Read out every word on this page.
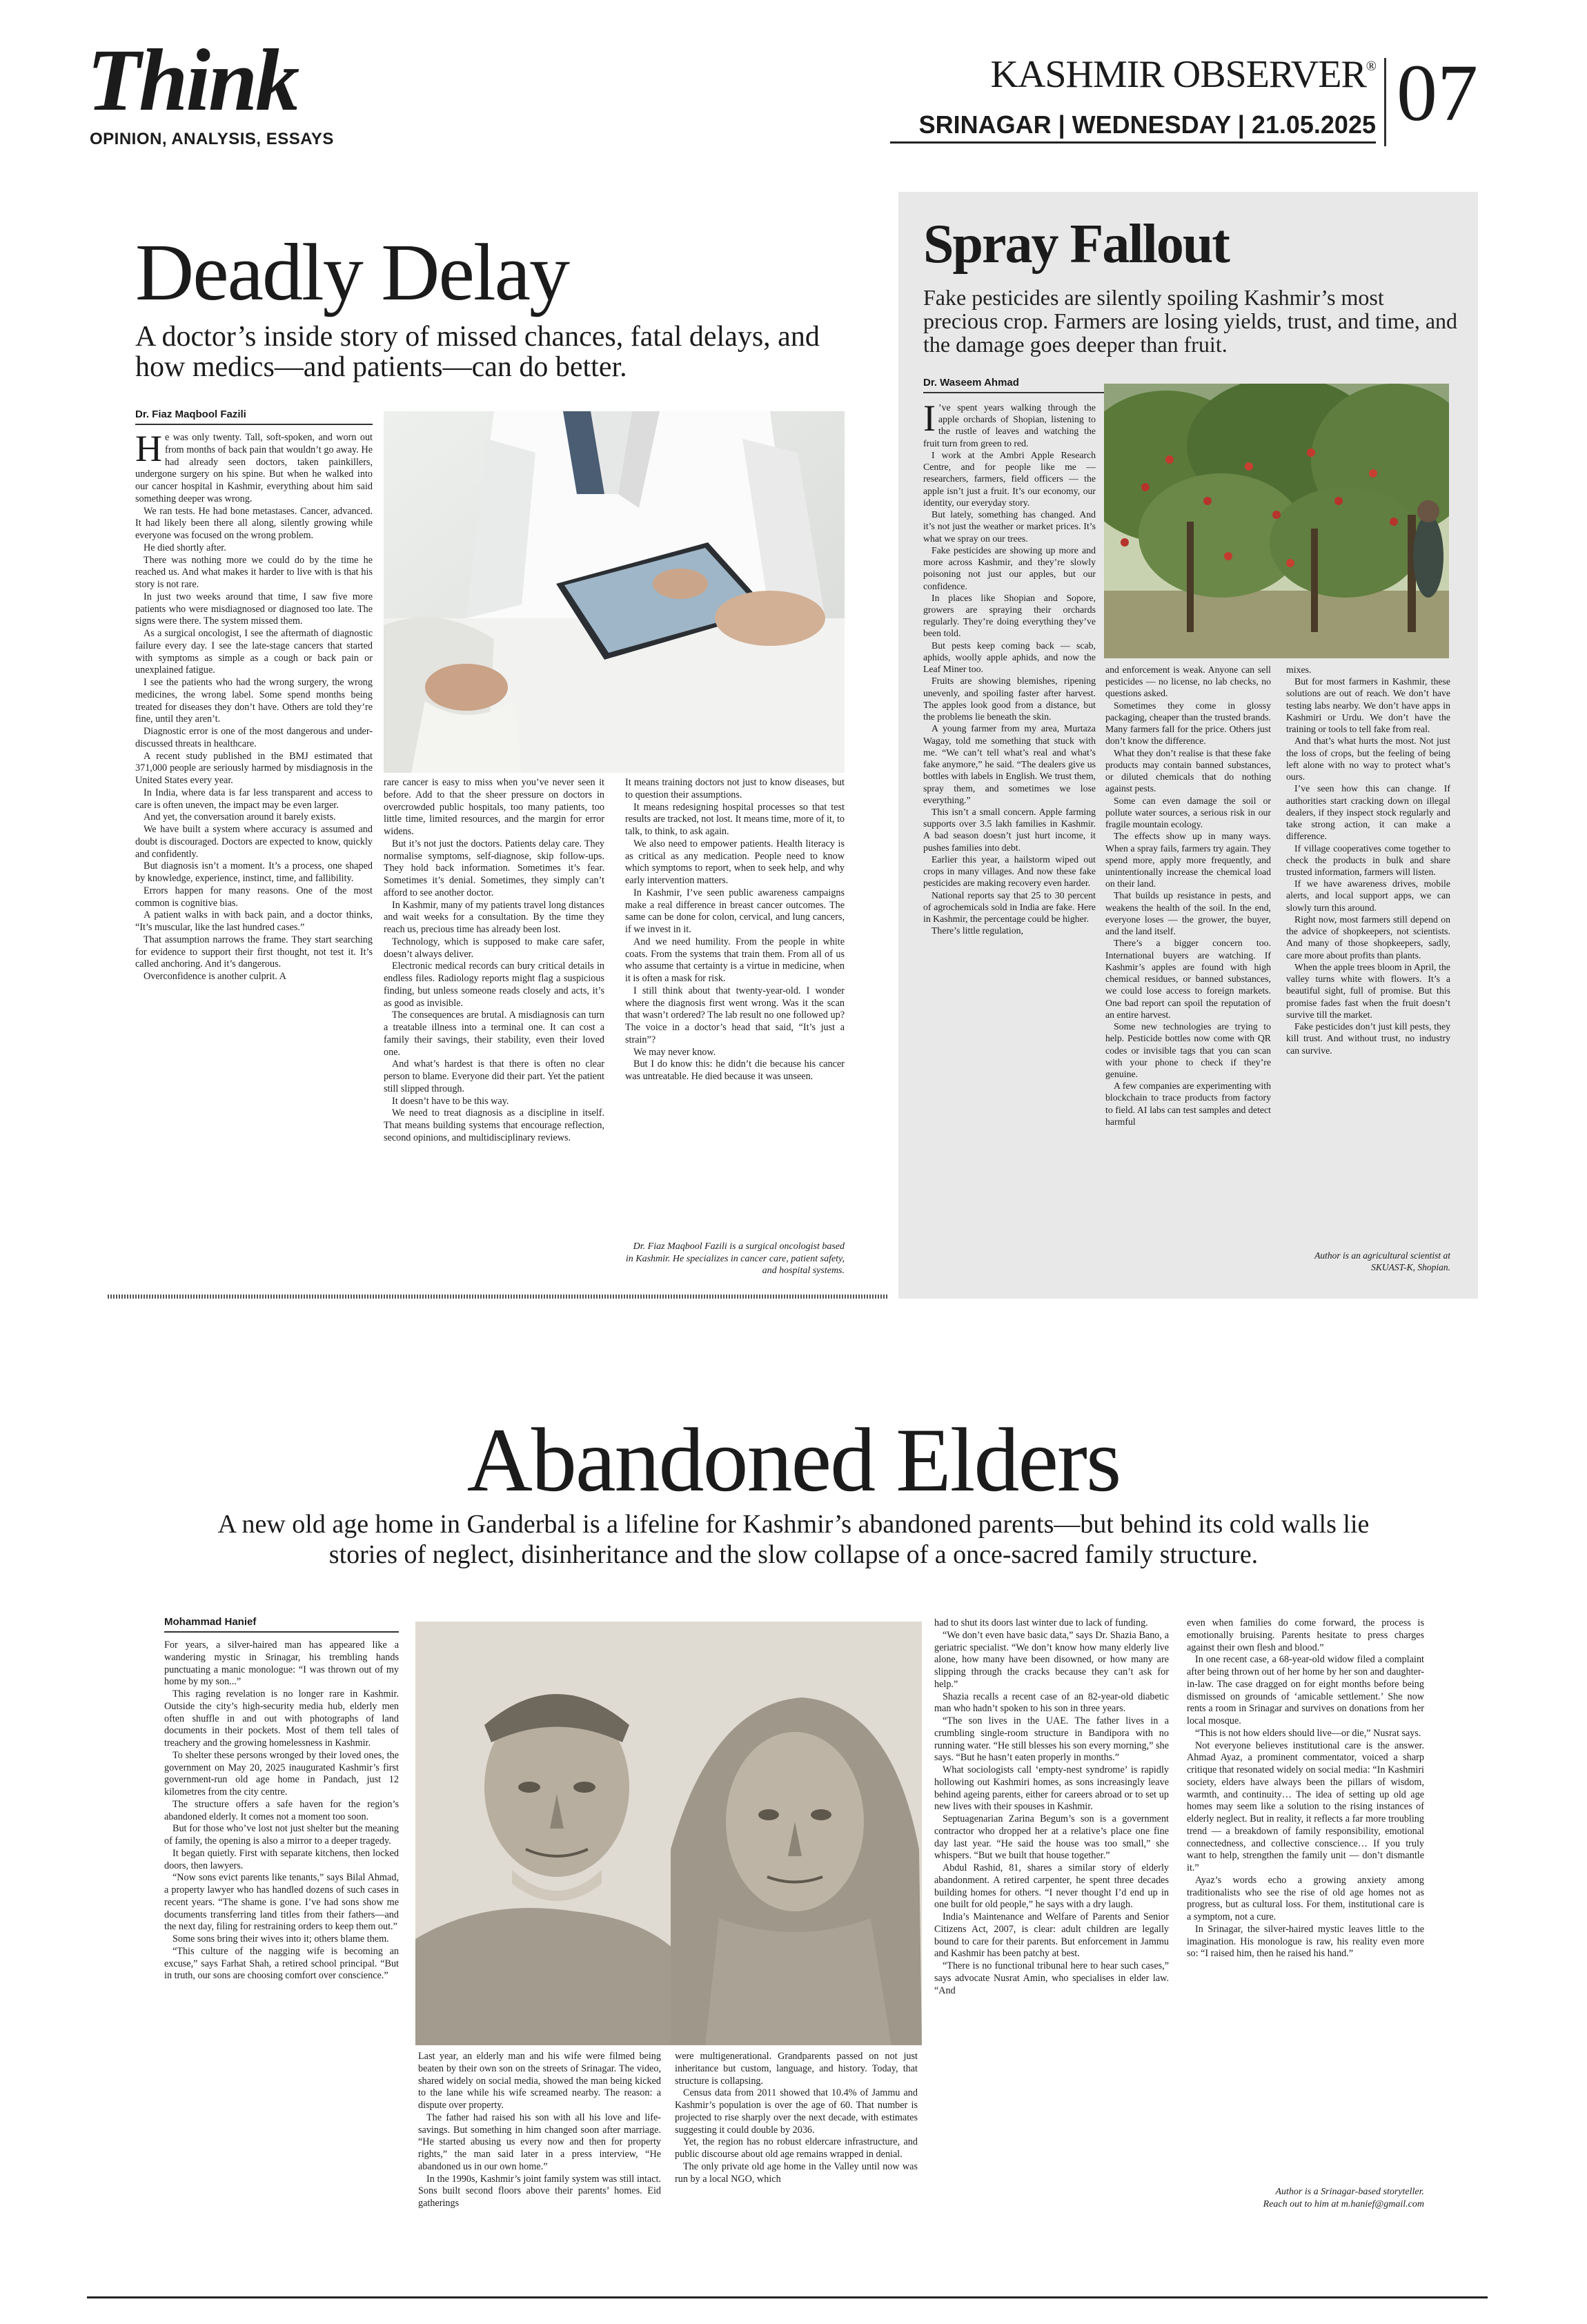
Think
OPINION, ANALYSIS, ESSAYS
KASHMIR OBSERVER®
SRINAGAR | WEDNESDAY | 21.05.2025 07
Deadly Delay
A doctor’s inside story of missed chances, fatal delays, and how medics—and patients—can do better.
Dr. Fiaz Maqbool Fazili
H e was only twenty. Tall, soft-spoken, and worn out from months of back pain that wouldn’t go away. He had already seen doctors, taken painkillers, undergone surgery on his spine. But when he walked into our cancer hospital in Kashmir, everything about him said something deeper was wrong.

We ran tests. He had bone metastases. Cancer, advanced. It had likely been there all along, silently growing while everyone was focused on the wrong problem.

He died shortly after.

There was nothing more we could do by the time he reached us. And what makes it harder to live with is that his story is not rare.

In just two weeks around that time, I saw five more patients who were misdiagnosed or diagnosed too late. The signs were there. The system missed them.

As a surgical oncologist, I see the aftermath of diagnostic failure every day. I see the late-stage cancers that started with symptoms as simple as a cough or back pain or unexplained fatigue.

I see the patients who had the wrong surgery, the wrong medicines, the wrong label. Some spend months being treated for diseases they don’t have. Others are told they’re fine, until they aren’t.

Diagnostic error is one of the most dangerous and under-discussed threats in healthcare.

A recent study published in the BMJ estimated that 371,000 people are seriously harmed by misdiagnosis in the United States every year.

In India, where data is far less transparent and access to care is often uneven, the impact may be even larger.

And yet, the conversation around it barely exists.

We have built a system where accuracy is assumed and doubt is discouraged. Doctors are expected to know, quickly and confidently.

But diagnosis isn’t a moment. It’s a process, one shaped by knowledge, experience, instinct, time, and fallibility.

Errors happen for many reasons. One of the most common is cognitive bias.

A patient walks in with back pain, and a doctor thinks, “It’s muscular, like the last hundred cases.”

That assumption narrows the frame. They start searching for evidence to support their first thought, not test it. It’s called anchoring. And it’s dangerous.

Overconfidence is another culprit. A

rare cancer is easy to miss when you’ve never seen it before. Add to that the sheer pressure on doctors in overcrowded public hospitals, too many patients, too little time, limited resources, and the margin for error widens.

But it’s not just the doctors. Patients delay care. They normalise symptoms, self-diagnose, skip follow-ups. They hold back information. Sometimes it’s fear. Sometimes it’s denial. Sometimes, they simply can’t afford to see another doctor.

In Kashmir, many of my patients travel long distances and wait weeks for a consultation. By the time they reach us, precious time has already been lost.

Technology, which is supposed to make care safer, doesn’t always deliver.

Electronic medical records can bury critical details in endless files. Radiology reports might flag a suspicious finding, but unless someone reads closely and acts, it’s as good as invisible.

The consequences are brutal. A misdiagnosis can turn a treatable illness into a terminal one. It can cost a family their savings, their stability, even their loved one.

And what’s hardest is that there is often no clear person to blame. Everyone did their part. Yet the patient still slipped through.

It doesn’t have to be this way.

We need to treat diagnosis as a discipline in itself. That means building systems that encourage reflection, second opinions, and multidisciplinary reviews.

It means training doctors not just to know diseases, but to question their assumptions.

It means redesigning hospital processes so that test results are tracked, not lost. It means time, more of it, to talk, to think, to ask again.

We also need to empower patients. Health literacy is as critical as any medication. People need to know which symptoms to report, when to seek help, and why early intervention matters.

In Kashmir, I’ve seen public awareness campaigns make a real difference in breast cancer outcomes. The same can be done for colon, cervical, and lung cancers, if we invest in it.

And we need humility. From the people in white coats. From the systems that train them. From all of us who assume that certainty is a virtue in medicine, when it is often a mask for risk.

I still think about that twenty-year-old. I wonder where the diagnosis first went wrong. Was it the scan that wasn’t ordered? The lab result no one followed up? The voice in a doctor’s head that said, “It’s just a strain”?

We may never know.

But I do know this: he didn’t die because his cancer was untreatable. He died because it was unseen.

Dr. Fiaz Maqbool Fazili is a surgical oncologist based in Kashmir. He specializes in cancer care, patient safety, and hospital systems.
Spray Fallout
Fake pesticides are silently spoiling Kashmir’s most precious crop. Farmers are losing yields, trust, and time, and the damage goes deeper than fruit.
Dr. Waseem Ahmad
I ’ve spent years walking through the apple orchards of Shopian, listening to the rustle of leaves and watching the fruit turn from green to red.

I work at the Ambri Apple Research Centre, and for people like me — researchers, farmers, field officers — the apple isn’t just a fruit. It’s our economy, our identity, our everyday story.

But lately, something has changed. And it’s not just the weather or market prices. It’s what we spray on our trees.

Fake pesticides are showing up more and more across Kashmir, and they’re slowly poisoning not just our apples, but our confidence.

In places like Shopian and Sopore, growers are spraying their orchards regularly. They’re doing everything they’ve been told.

But pests keep coming back — scab, aphids, woolly apple aphids, and now the Leaf Miner too.

Fruits are showing blemishes, ripening unevenly, and spoiling faster after harvest. The apples look good from a distance, but the problems lie beneath the skin.

A young farmer from my area, Murtaza Wagay, told me something that stuck with me. “We can’t tell what’s real and what’s fake anymore,” he said. “The dealers give us bottles with labels in English. We trust them, spray them, and sometimes we lose everything.”

This isn’t a small concern. Apple farming supports over 3.5 lakh families in Kashmir. A bad season doesn’t just hurt income, it pushes families into debt.

Earlier this year, a hailstorm wiped out crops in many villages. And now these fake pesticides are making recovery even harder.

National reports say that 25 to 30 percent of agrochemicals sold in India are fake. Here in Kashmir, the percentage could be higher.

There’s little regulation,

and enforcement is weak. Anyone can sell pesticides — no license, no lab checks, no questions asked.

Sometimes they come in glossy packaging, cheaper than the trusted brands. Many farmers fall for the price. Others just don’t know the difference.

What they don’t realise is that these fake products may contain banned substances, or diluted chemicals that do nothing against pests.

Some can even damage the soil or pollute water sources, a serious risk in our fragile mountain ecology.

The effects show up in many ways. When a spray fails, farmers try again. They spend more, apply more frequently, and unintentionally increase the chemical load on their land.

That builds up resistance in pests, and weakens the health of the soil. In the end, everyone loses — the grower, the buyer, and the land itself.

There’s a bigger concern too. International buyers are watching. If Kashmir’s apples are found with high chemical residues, or banned substances, we could lose access to foreign markets. One bad report can spoil the reputation of an entire harvest.

Some new technologies are trying to help. Pesticide bottles now come with QR codes or invisible tags that you can scan with your phone to check if they’re genuine.

A few companies are experimenting with blockchain to trace products from factory to field. AI labs can test samples and detect harmful

mixes.

But for most farmers in Kashmir, these solutions are out of reach. We don’t have testing labs nearby. We don’t have apps in Kashmiri or Urdu. We don’t have the training or tools to tell fake from real.

And that’s what hurts the most. Not just the loss of crops, but the feeling of being left alone with no way to protect what’s ours.

I’ve seen how this can change. If authorities start cracking down on illegal dealers, if they inspect stock regularly and take strong action, it can make a difference.

If village cooperatives come together to check the products in bulk and share trusted information, farmers will listen.

If we have awareness drives, mobile alerts, and local support apps, we can slowly turn this around.

Right now, most farmers still depend on the advice of shopkeepers, not scientists. And many of those shopkeepers, sadly, care more about profits than plants.

When the apple trees bloom in April, the valley turns white with flowers. It’s a beautiful sight, full of promise. But this promise fades fast when the fruit doesn’t survive till the market.

Fake pesticides don’t just kill pests, they kill trust. And without trust, no industry can survive.

Author is an agricultural scientist at SKUAST-K, Shopian.
Abandoned Elders
A new old age home in Ganderbal is a lifeline for Kashmir’s abandoned parents—but behind its cold walls lie stories of neglect, disinheritance and the slow collapse of a once-sacred family structure.
Mohammad Hanief

For years, a silver-haired man has appeared like a wandering mystic in Srinagar, his trembling hands punctuating a manic monologue: “I was thrown out of my home by my son...”

This raging revelation is no longer rare in Kashmir. Outside the city’s high-security media hub, elderly men often shuffle in and out with photographs of land documents in their pockets. Most of them tell tales of treachery and the growing homelessness in Kashmir.

To shelter these persons wronged by their loved ones, the government on May 20, 2025 inaugurated Kashmir’s first government-run old age home in Pandach, just 12 kilometres from the city centre.

The structure offers a safe haven for the region’s abandoned elderly. It comes not a moment too soon.

But for those who’ve lost not just shelter but the meaning of family, the opening is also a mirror to a deeper tragedy.

It began quietly. First with separate kitchens, then locked doors, then lawyers.

“Now sons evict parents like tenants,” says Bilal Ahmad, a property lawyer who has handled dozens of such cases in recent years. “The shame is gone. I’ve had sons show me documents transferring land titles from their fathers—and the next day, filing for restraining orders to keep them out.”

Some sons bring their wives into it; others blame them.

“This culture of the nagging wife is becoming an excuse,” says Farhat Shah, a retired school principal. “But in truth, our sons are choosing comfort over conscience.”

Last year, an elderly man and his wife were filmed being beaten by their own son on the streets of Srinagar. The video, shared widely on social media, showed the man being kicked to the lane while his wife screamed nearby. The reason: a dispute over property.

The father had raised his son with all his love and life-savings. But something in him changed soon after marriage. “He started abusing us every now and then for property rights,” the man said later in a press interview, “He abandoned us in our own home.”

In the 1990s, Kashmir’s joint family system was still intact. Sons built second floors above their parents’ homes. Eid gatherings

were multigenerational. Grandparents passed on not just inheritance but custom, language, and history. Today, that structure is collapsing.

Census data from 2011 showed that 10.4% of Jammu and Kashmir’s population is over the age of 60. That number is projected to rise sharply over the next decade, with estimates suggesting it could double by 2036.

Yet, the region has no robust eldercare infrastructure, and public discourse about old age remains wrapped in denial.

The only private old age home in the Valley until now was run by a local NGO, which

had to shut its doors last winter due to lack of funding.

“We don’t even have basic data,” says Dr. Shazia Bano, a geriatric specialist. “We don’t know how many elderly live alone, how many have been disowned, or how many are slipping through the cracks because they can’t ask for help.”

Shazia recalls a recent case of an 82-year-old diabetic man who hadn’t spoken to his son in three years.

“The son lives in the UAE. The father lives in a crumbling single-room structure in Bandipora with no running water. “He still blesses his son every morning,” she says. “But he hasn’t eaten properly in months.”

What sociologists call ‘empty-nest syndrome’ is rapidly hollowing out Kashmiri homes, as sons increasingly leave behind ageing parents, either for careers abroad or to set up new lives with their spouses in Kashmir.

Septuagenarian Zarina Begum’s son is a government contractor who dropped her at a relative’s place one fine day last year. “He said the house was too small,” she whispers. “But we built that house together.”

Abdul Rashid, 81, shares a similar story of elderly abandonment. A retired carpenter, he spent three decades building homes for others. “I never thought I’d end up in one built for old people,” he says with a dry laugh.

India’s Maintenance and Welfare of Parents and Senior Citizens Act, 2007, is clear: adult children are legally bound to care for their parents. But enforcement in Jammu and Kashmir has been patchy at best.

“There is no functional tribunal here to hear such cases,” says advocate Nusrat Amin, who specialises in elder law. “And

even when families do come forward, the process is emotionally bruising. Parents hesitate to press charges against their own flesh and blood.”

In one recent case, a 68-year-old widow filed a complaint after being thrown out of her home by her son and daughter-in-law. The case dragged on for eight months before being dismissed on grounds of ‘amicable settlement.’ She now rents a room in Srinagar and survives on donations from her local mosque.

“This is not how elders should live—or die,” Nusrat says.

Not everyone believes institutional care is the answer. Ahmad Ayaz, a prominent commentator, voiced a sharp critique that resonated widely on social media: “In Kashmiri society, elders have always been the pillars of wisdom, warmth, and continuity… The idea of setting up old age homes may seem like a solution to the rising instances of elderly neglect. But in reality, it reflects a far more troubling trend — a breakdown of family responsibility, emotional connectedness, and collective conscience… If you truly want to help, strengthen the family unit — don’t dismantle it.”

Ayaz’s words echo a growing anxiety among traditionalists who see the rise of old age homes not as progress, but as cultural loss. For them, institutional care is a symptom, not a cure.

In Srinagar, the silver-haired mystic leaves little to the imagination. His monologue is raw, his reality even more so: “I raised him, then he raised his hand.”

Author is a Srinagar-based storyteller.
Reach out to him at m.hanief@gmail.com
